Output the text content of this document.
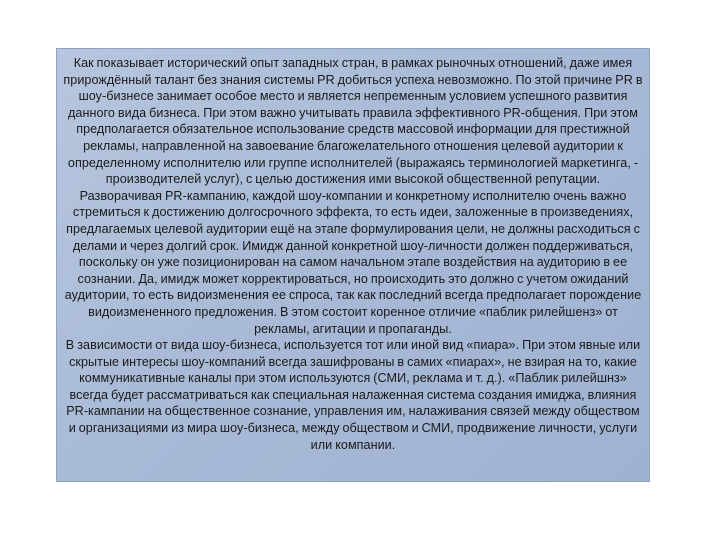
Как показывает исторический опыт западных стран, в рамках рыночных отношений, даже имея прирождённый талант без знания системы PR добиться успеха невозможно. По этой причине PR в шоу-бизнесе занимает особое место и является непременным условием успешного развития данного вида бизнеса. При этом важно учитывать правила эффективного PR-общения. При этом предполагается обязательное использование средств массовой информации для престижной рекламы, направленной на завоевание благожелательного отношения целевой аудитории к определенному исполнителю или группе исполнителей (выражаясь терминологией маркетинга, - производителей услуг), с целью достижения ими высокой общественной репутации.

Разворачивая PR-кампанию, каждой шоу-компании и конкретному исполнителю очень важно стремиться к достижению долгосрочного эффекта, то есть идеи, заложенные в произведениях, предлагаемых целевой аудитории ещё на этапе формулирования цели, не должны расходиться с делами и через долгий срок. Имидж данной конкретной шоу-личности должен поддерживаться, поскольку он уже позиционирован на самом начальном этапе воздействия на аудиторию в ее сознании. Да, имидж может корректироваться, но происходить это должно с учетом ожиданий аудитории, то есть видоизменения ее спроса, так как последний всегда предполагает порождение видоизмененного предложения. В этом состоит коренное отличие «паблик рилейшенз» от рекламы, агитации и пропаганды.

В зависимости от вида шоу-бизнеса, используется тот или иной вид «пиара». При этом явные или скрытые интересы шоу-компаний всегда зашифрованы в самих «пиарах», не взирая на то, какие коммуникативные каналы при этом используются (СМИ, реклама и т. д.). «Паблик рилейшнз» всегда будет рассматриваться как специальная налаженная система создания имиджа, влияния PR-кампании на общественное сознание, управления им, налаживания связей между обществом и организациями из мира шоу-бизнеса, между обществом и СМИ, продвижение личности, услуги или компании.
